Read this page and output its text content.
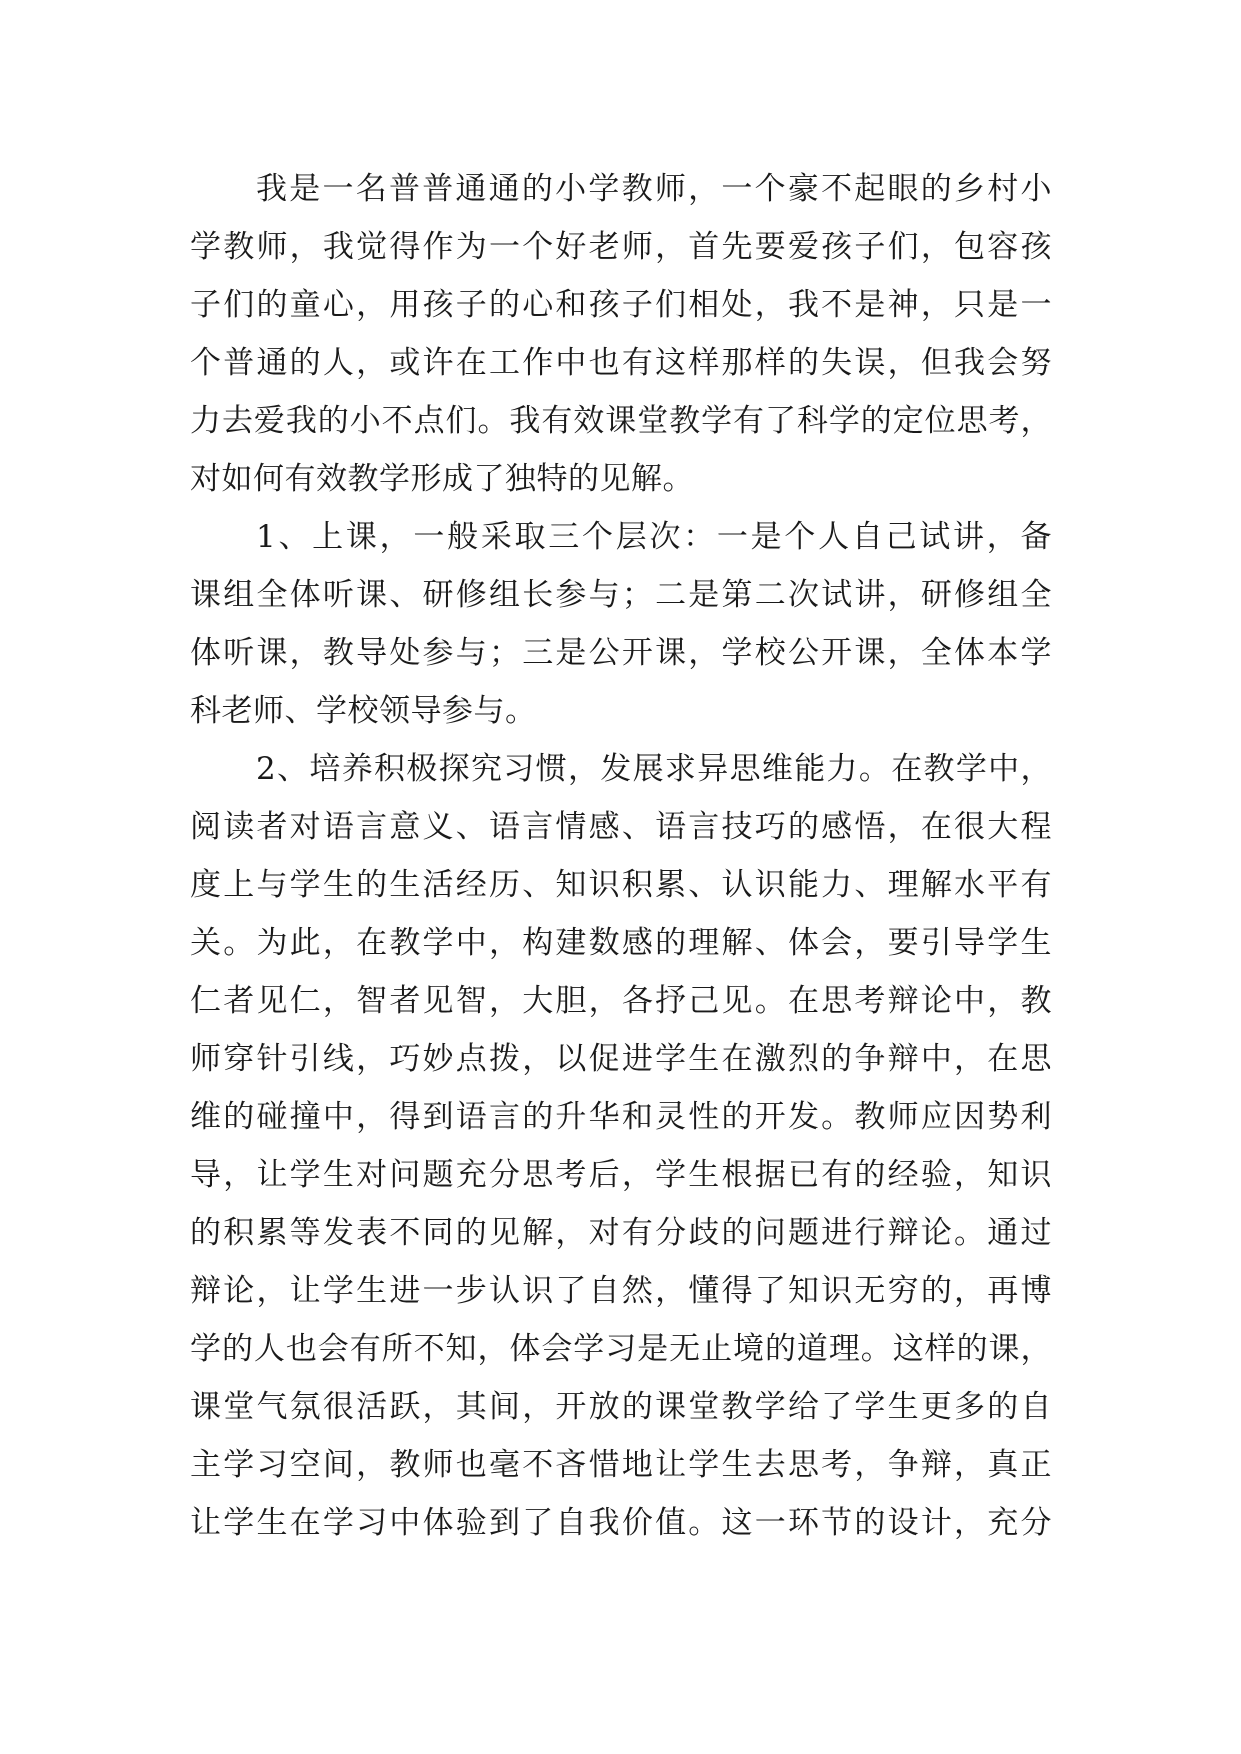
我是一名普普通通的小学教师，一个豪不起眼的乡村小
学教师，我觉得作为一个好老师，首先要爱孩子们，包容孩
子们的童心，用孩子的心和孩子们相处，我不是神，只是一
个普通的人，或许在工作中也有这样那样的失误，但我会努
力去爱我的小不点们。我有效课堂教学有了科学的定位思考，
对如何有效教学形成了独特的见解。
1、上课，一般采取三个层次：一是个人自己试讲，备
课组全体听课、研修组长参与；二是第二次试讲，研修组全
体听课，教导处参与；三是公开课，学校公开课，全体本学
科老师、学校领导参与。
2、培养积极探究习惯，发展求异思维能力。在教学中，
阅读者对语言意义、语言情感、语言技巧的感悟，在很大程
度上与学生的生活经历、知识积累、认识能力、理解水平有
关。为此，在教学中，构建数感的理解、体会，要引导学生
仁者见仁，智者见智，大胆，各抒己见。在思考辩论中，教
师穿针引线，巧妙点拨，以促进学生在激烈的争辩中，在思
维的碰撞中，得到语言的升华和灵性的开发。教师应因势利
导，让学生对问题充分思考后，学生根据已有的经验，知识
的积累等发表不同的见解，对有分歧的问题进行辩论。通过
辩论，让学生进一步认识了自然，懂得了知识无穷的，再博
学的人也会有所不知，体会学习是无止境的道理。这样的课，
课堂气氛很活跃，其间，开放的课堂教学给了学生更多的自
主学习空间，教师也毫不吝惜地让学生去思考，争辩，真正
让学生在学习中体验到了自我价值。这一环节的设计，充分
